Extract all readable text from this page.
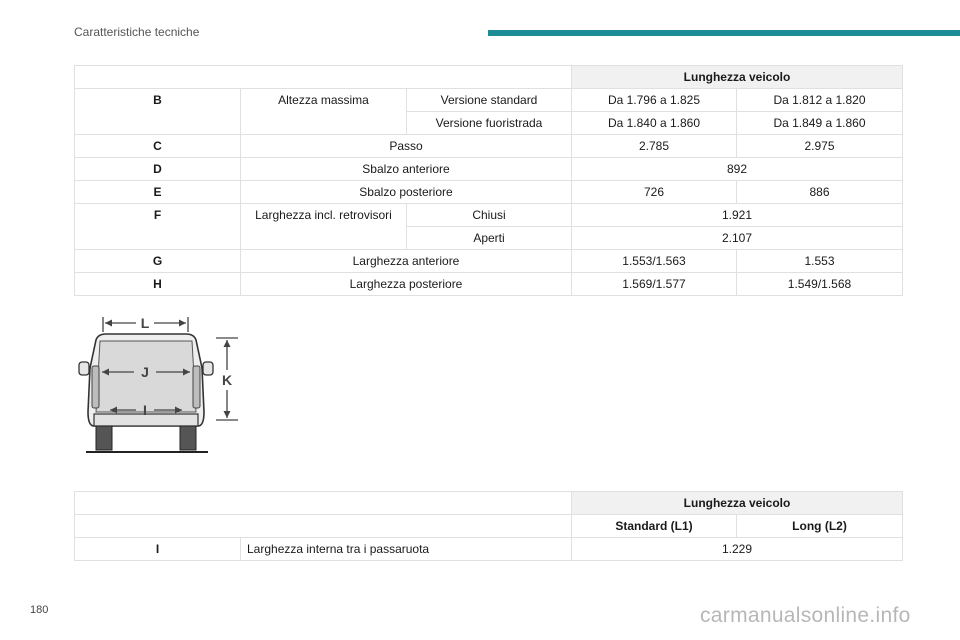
Caratteristiche tecniche
			Lunghezza veicolo	
B	Altezza massima	Versione standard	Da 1.796 a 1.825	Da 1.812 a 1.820
		Versione fuoristrada	Da 1.840 a 1.860	Da 1.849 a 1.860
C	Passo		2.785	2.975
D	Sbalzo anteriore		892	
E	Sbalzo posteriore		726	886
F	Larghezza incl. retrovisori	Chiusi	1.921	
		Aperti	2.107	
G	Larghezza anteriore		1.553/1.563	1.553
H	Larghezza posteriore		1.569/1.577	1.549/1.568
L
J
I
K
		Lunghezza veicolo	
		Standard (L1)	Long (L2)
I	Larghezza interna tra i passaruota	1.229	
180	carmanualsonline.info
